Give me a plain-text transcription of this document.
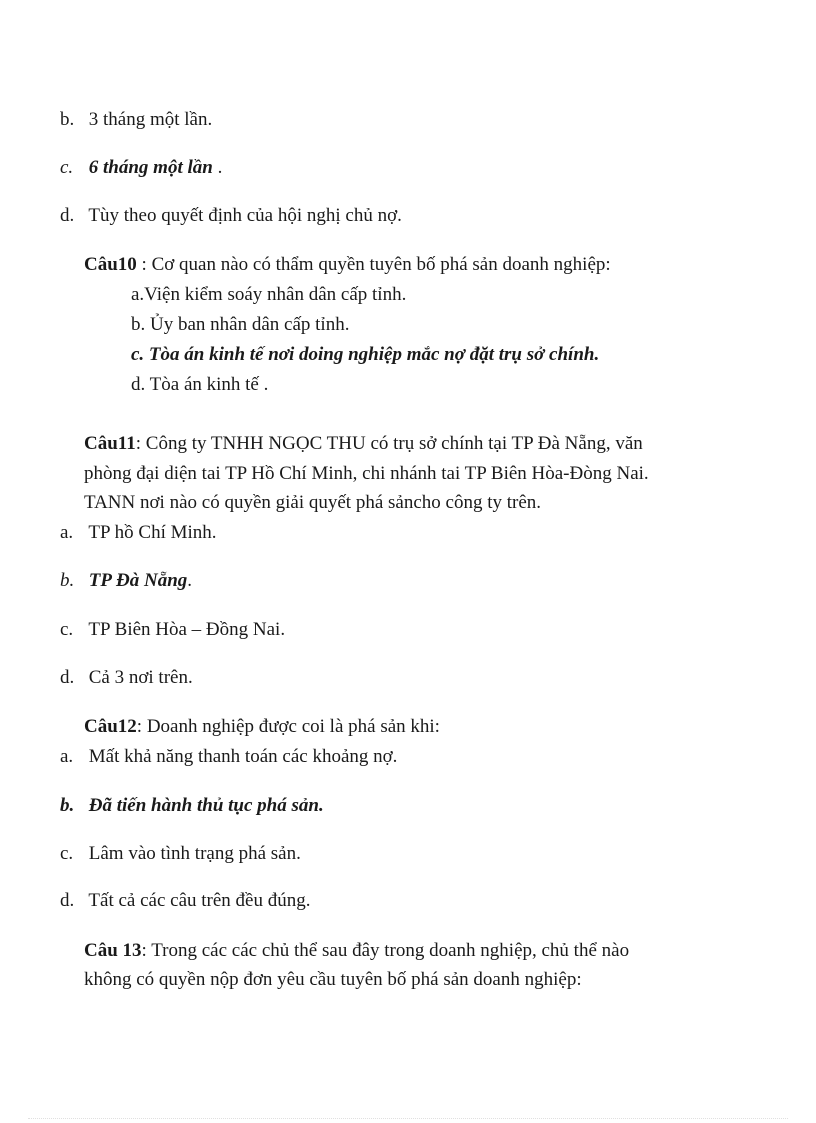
b. 3 tháng một lần.
c. 6 tháng một lần .
d. Tùy theo quyết định của hội nghị chủ nợ.
Câu10 : Cơ quan nào có thẩm quyền tuyên bố phá sản doanh nghiệp:
a.Viện kiểm soáy nhân dân cấp tỉnh.
b. Ủy ban nhân dân cấp tỉnh.
c. Tòa án kinh tế nơi doing nghiệp mắc nợ đặt trụ sở chính.
d. Tòa án kinh tế .
Câu11: Công ty TNHH NGỌC THU có trụ sở chính tại TP Đà Nẵng, văn
phòng đại diện tai TP Hồ Chí Minh, chi nhánh tai TP Biên Hòa-Đòng Nai.
TANN nơi nào có quyền giải quyết phá sảncho công ty trên.
a. TP hồ Chí Minh.
b. TP Đà Nẵng.
c. TP Biên Hòa – Đồng Nai.
d. Cả 3 nơi trên.
Câu12: Doanh nghiệp được coi là phá sản khi:
a. Mất khả năng thanh toán các khoảng nợ.
b. Đã tiến hành thủ tục phá sản.
c. Lâm vào tình trạng phá sản.
d. Tất cả các câu trên đều đúng.
Câu 13: Trong các các chủ thể sau đây trong doanh nghiệp, chủ thể nào
không có quyền nộp đơn yêu cầu tuyên bố phá sản doanh nghiệp:
